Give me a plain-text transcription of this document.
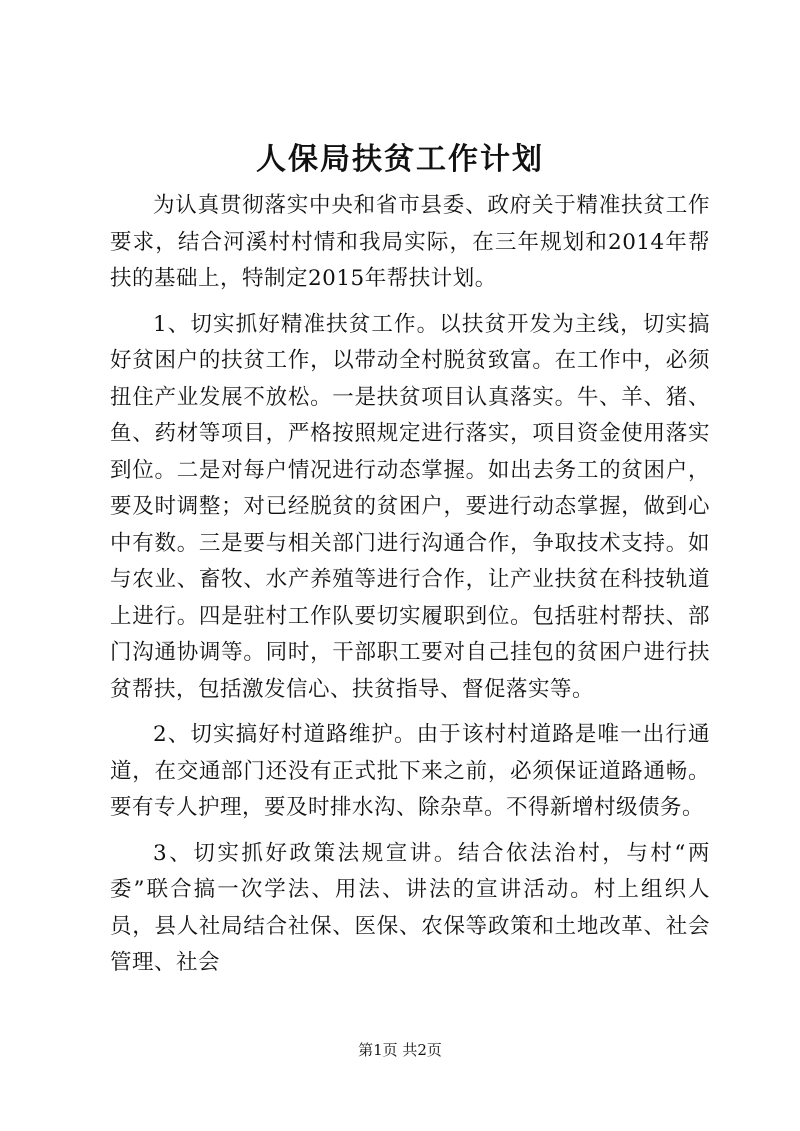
人保局扶贫工作计划

为认真贯彻落实中央和省市县委、政府关于精准扶贫工作要求，结合河溪村村情和我局实际，在三年规划和2014年帮扶的基础上，特制定2015年帮扶计划。

1、切实抓好精准扶贫工作。以扶贫开发为主线，切实搞好贫困户的扶贫工作，以带动全村脱贫致富。在工作中，必须扭住产业发展不放松。一是扶贫项目认真落实。牛、羊、猪、鱼、药材等项目，严格按照规定进行落实，项目资金使用落实到位。二是对每户情况进行动态掌握。如出去务工的贫困户，要及时调整；对已经脱贫的贫困户，要进行动态掌握，做到心中有数。三是要与相关部门进行沟通合作，争取技术支持。如与农业、畜牧、水产养殖等进行合作，让产业扶贫在科技轨道上进行。四是驻村工作队要切实履职到位。包括驻村帮扶、部门沟通协调等。同时，干部职工要对自己挂包的贫困户进行扶贫帮扶，包括激发信心、扶贫指导、督促落实等。

2、切实搞好村道路维护。由于该村村道路是唯一出行通道，在交通部门还没有正式批下来之前，必须保证道路通畅。要有专人护理，要及时排水沟、除杂草。不得新增村级债务。

3、切实抓好政策法规宣讲。结合依法治村，与村“两委”联合搞一次学法、用法、讲法的宣讲活动。村上组织人员，县人社局结合社保、医保、农保等政策和土地改革、社会管理、社会

第1页 共2页
